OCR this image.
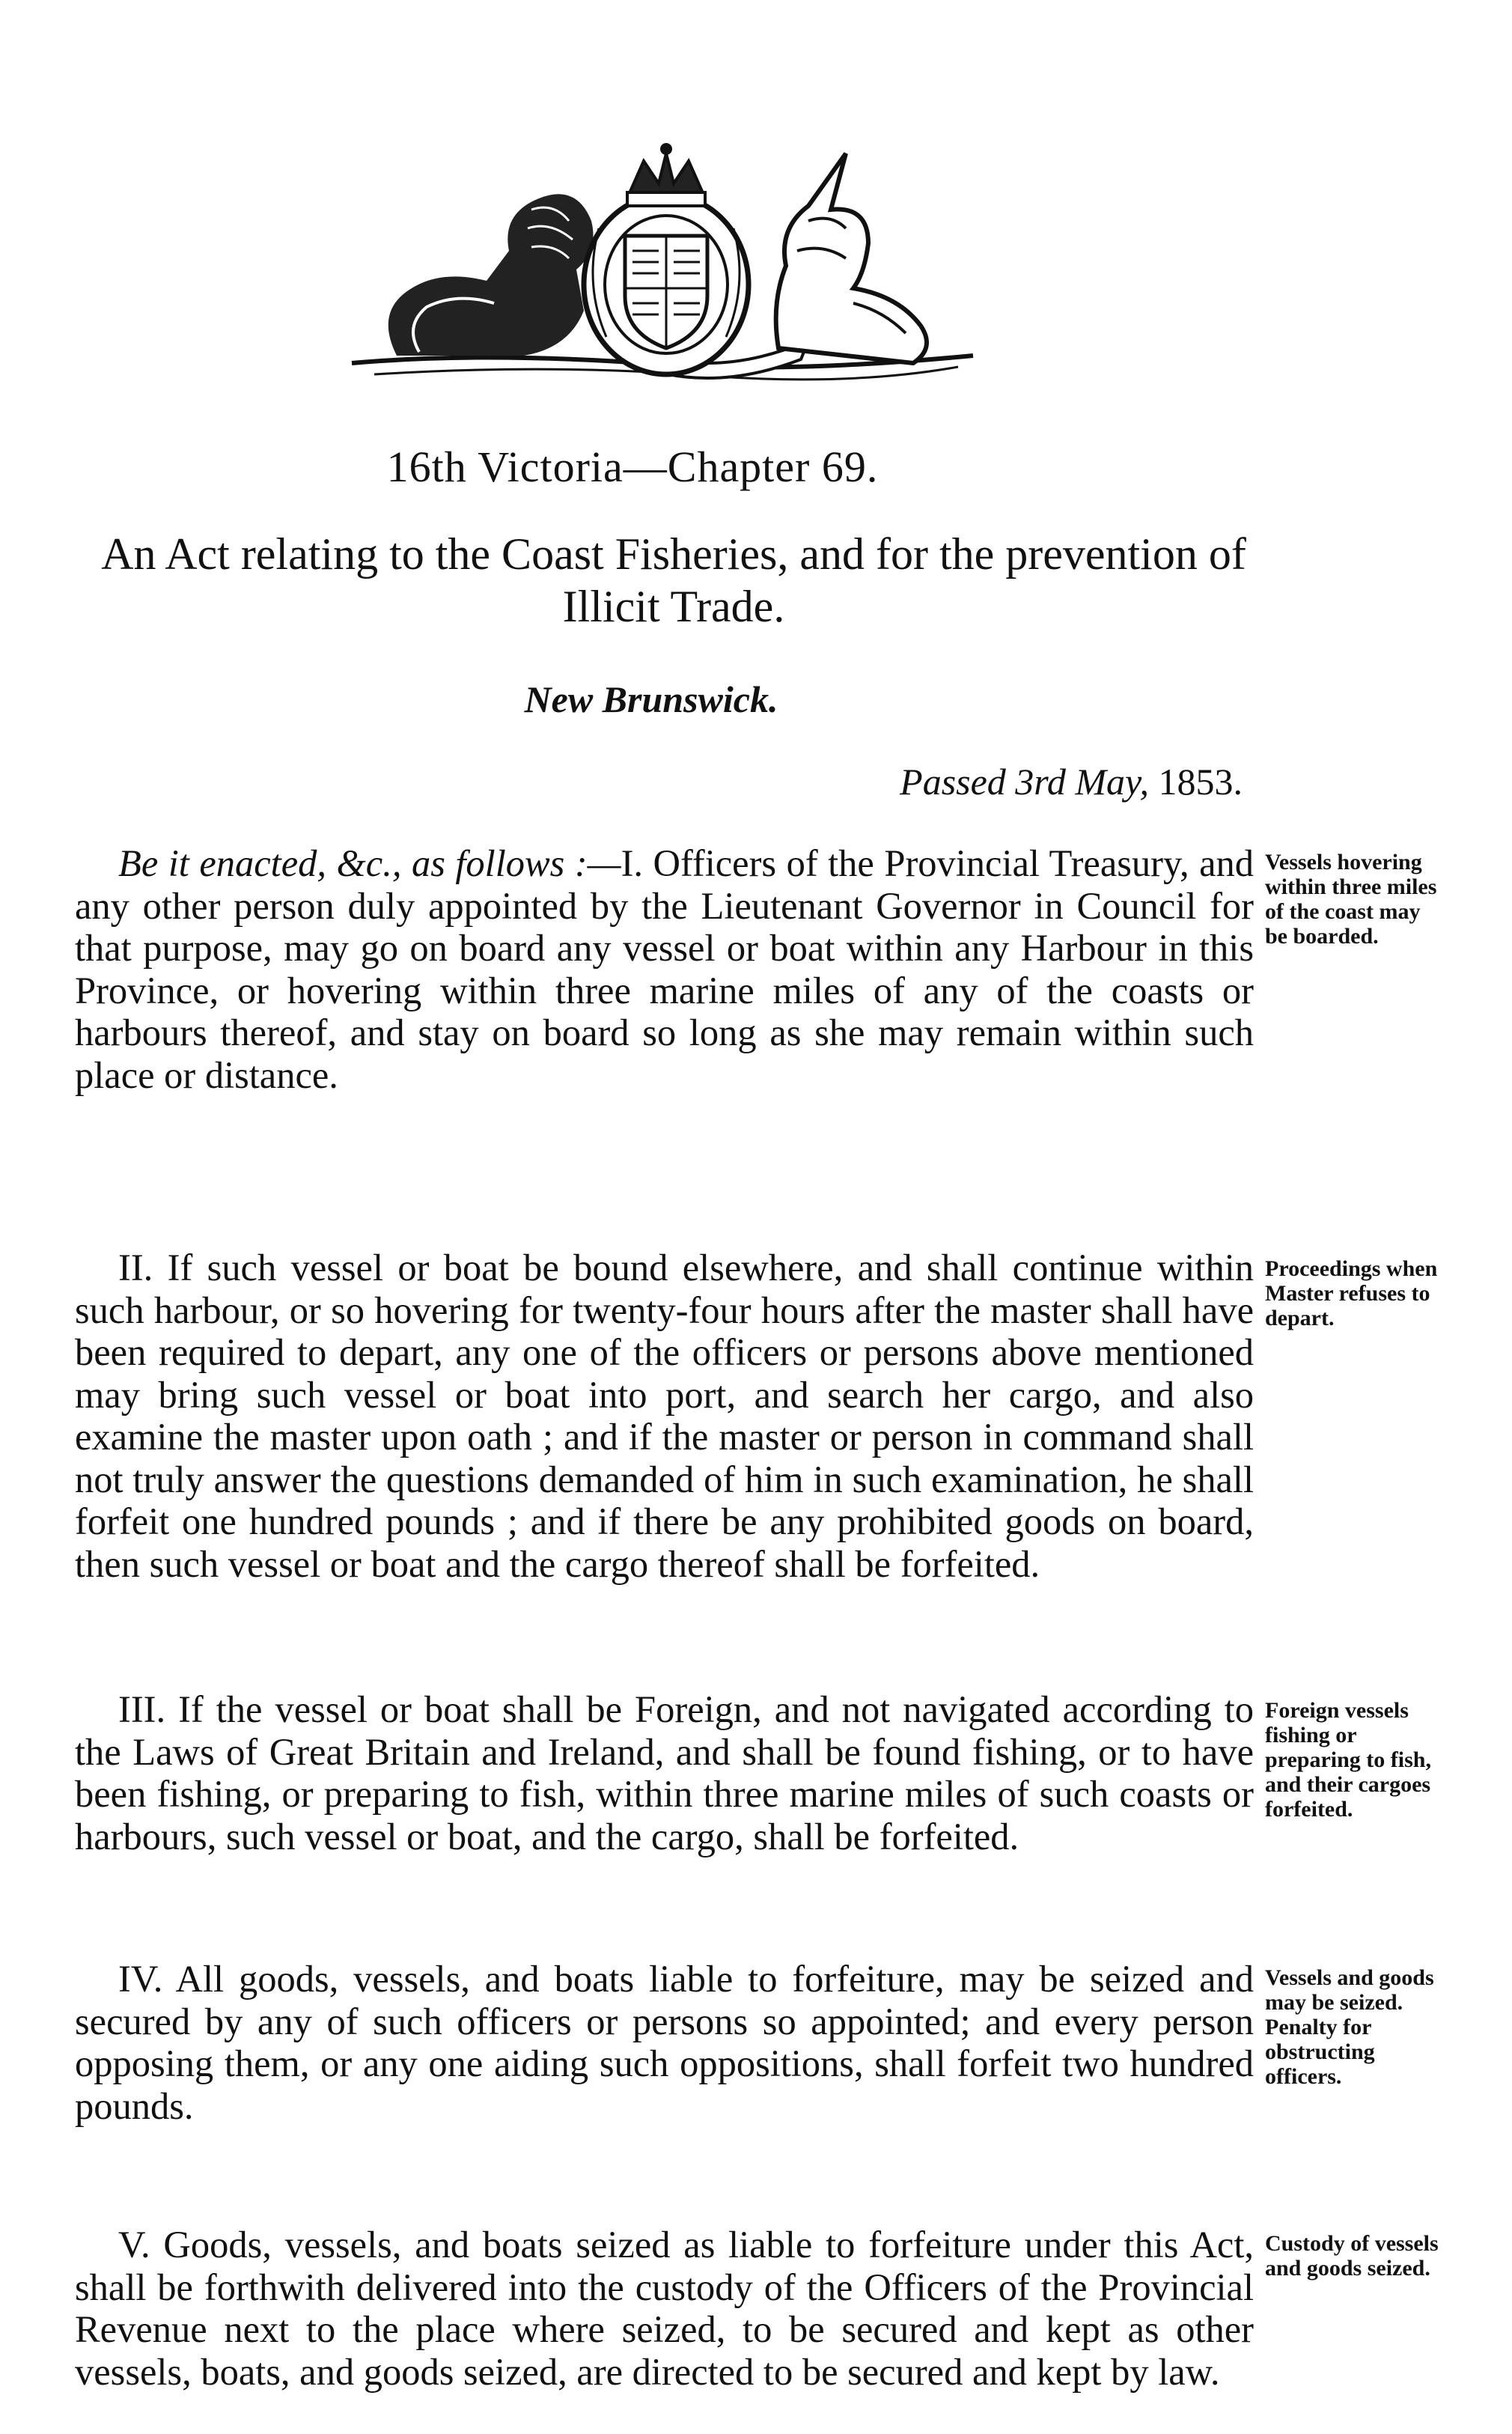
16th Victoria—Chapter 69.
An Act relating to the Coast Fisheries, and for the prevention of Illicit Trade.
New Brunswick.
Passed 3rd May, 1853.
Be it enacted, &c., as follows :—I. Officers of the Provincial Treasury, and any other person duly appointed by the Lieutenant Governor in Council for that purpose, may go on board any vessel or boat within any Harbour in this Province, or hovering within three marine miles of any of the coasts or harbours thereof, and stay on board so long as she may remain within such place or distance.
Vessels hovering within three miles of the coast may be boarded.
II. If such vessel or boat be bound elsewhere, and shall continue within such harbour, or so hovering for twenty-four hours after the master shall have been required to depart, any one of the officers or persons above mentioned may bring such vessel or boat into port, and search her cargo, and also examine the master upon oath ; and if the master or person in command shall not truly answer the questions demanded of him in such examination, he shall forfeit one hundred pounds ; and if there be any prohibited goods on board, then such vessel or boat and the cargo thereof shall be forfeited.
Proceedings when Master refuses to depart.
III. If the vessel or boat shall be Foreign, and not navigated according to the Laws of Great Britain and Ireland, and shall be found fishing, or to have been fishing, or preparing to fish, within three marine miles of such coasts or harbours, such vessel or boat, and the cargo, shall be forfeited.
Foreign vessels fishing or preparing to fish, and their cargoes forfeited.
IV. All goods, vessels, and boats liable to forfeiture, may be seized and secured by any of such officers or persons so appointed; and every person opposing them, or any one aiding such oppositions, shall forfeit two hundred pounds.
Vessels and goods may be seized. Penalty for obstructing officers.
V. Goods, vessels, and boats seized as liable to forfeiture under this Act, shall be forthwith delivered into the custody of the Officers of the Provincial Revenue next to the place where seized, to be secured and kept as other vessels, boats, and goods seized, are directed to be secured and kept by law.
Custody of vessels and goods seized.
